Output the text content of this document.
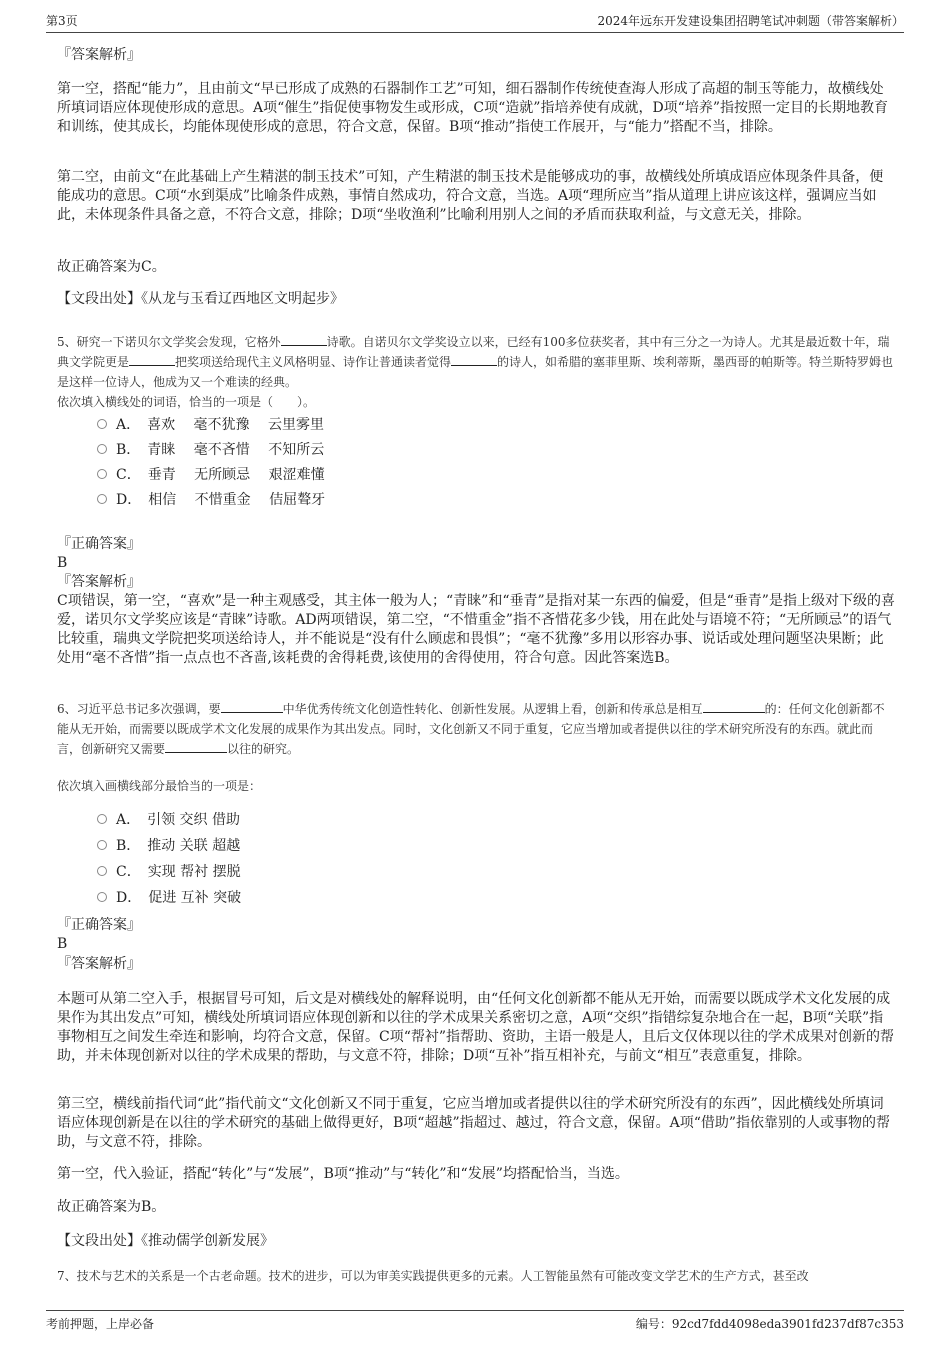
第3页	2024年远东开发建设集团招聘笔试冲刺题（带答案解析）

『答案解析』

第一空，搭配“能力”，且由前文“早已形成了成熟的石器制作工艺”可知，细石器制作传统使查海人形成了高超的制玉等能力，故横线处所填词语应体现使形成的意思。A项“催生”指促使事物发生或形成，C项“造就”指培养使有成就，D项“培养”指按照一定目的长期地教育和训练，使其成长，均能体现使形成的意思，符合文意，保留。B项“推动”指使工作展开，与“能力”搭配不当，排除。

第二空，由前文“在此基础上产生精湛的制玉技术”可知，产生精湛的制玉技术是能够成功的事，故横线处所填成语应体现条件具备，便能成功的意思。C项“水到渠成”比喻条件成熟，事情自然成功，符合文意，当选。A项“理所应当”指从道理上讲应该这样，强调应当如此，未体现条件具备之意，不符合文意，排除；D项“坐收渔利”比喻利用别人之间的矛盾而获取利益，与文意无关，排除。

故正确答案为C。

【文段出处】《从龙与玉看辽西地区文明起步》

5、研究一下诺贝尔文学奖会发现，它格外	诗歌。自诺贝尔文学奖设立以来，已经有100多位获奖者，其中有三分之一为诗人。尤其是最近数十年，瑞典文学院更是	把奖项送给现代主义风格明显、诗作让普通读者觉得	的诗人，如希腊的塞菲里斯、埃利蒂斯，墨西哥的帕斯等。特兰斯特罗姆也是这样一位诗人，他成为又一个难读的经典。

依次填入横线处的词语，恰当的一项是（　　）。

A．　喜欢　 毫不犹豫　 云里雾里
B．　青睐　 毫不吝惜　 不知所云
C．　垂青　 无所顾忌　 艰涩难懂
D．　相信　 不惜重金　 佶屈聱牙

『正确答案』

B

『答案解析』

C项错误，第一空，“喜欢”是一种主观感受，其主体一般为人；“青睐”和“垂青”是指对某一东西的偏爱，但是“垂青”是指上级对下级的喜爱，诺贝尔文学奖应该是“青睐”诗歌。AD两项错误，第二空，“不惜重金”指不吝惜花多少钱，用在此处与语境不符；“无所顾忌”的语气比较重，瑞典文学院把奖项送给诗人，并不能说是“没有什么顾虑和畏惧”；“毫不犹豫”多用以形容办事、说话或处理问题坚决果断；此处用“毫不吝惜”指一点点也不吝啬,该耗费的舍得耗费,该使用的舍得使用，符合句意。因此答案选B。

6、习近平总书记多次强调，要	中华优秀传统文化创造性转化、创新性发展。从逻辑上看，创新和传承总是相互	的：任何文化创新都不能从无开始，而需要以既成学术文化发展的成果作为其出发点。同时，文化创新又不同于重复，它应当增加或者提供以往的学术研究所没有的东西。就此而言，创新研究又需要	以往的研究。

依次填入画横线部分最恰当的一项是：

A．　引领 交织 借助
B．　推动 关联 超越
C．　实现 帮衬 摆脱
D．　促进 互补 突破

『正确答案』

B

『答案解析』

本题可从第二空入手，根据冒号可知，后文是对横线处的解释说明，由“任何文化创新都不能从无开始，而需要以既成学术文化发展的成果作为其出发点”可知，横线处所填词语应体现创新和以往的学术成果关系密切之意，A项“交织”指错综复杂地合在一起，B项“关联”指事物相互之间发生牵连和影响，均符合文意，保留。C项“帮衬”指帮助、资助，主语一般是人，且后文仅体现以往的学术成果对创新的帮助，并未体现创新对以往的学术成果的帮助，与文意不符，排除；D项“互补”指互相补充，与前文“相互”表意重复，排除。

第三空，横线前指代词“此”指代前文“文化创新又不同于重复，它应当增加或者提供以往的学术研究所没有的东西”，因此横线处所填词语应体现创新是在以往的学术研究的基础上做得更好，B项“超越”指超过、越过，符合文意，保留。A项“借助”指依靠别的人或事物的帮助，与文意不符，排除。

第一空，代入验证，搭配“转化”与“发展”，B项“推动”与“转化”和“发展”均搭配恰当，当选。

故正确答案为B。

【文段出处】《推动儒学创新发展》

7、技术与艺术的关系是一个古老命题。技术的进步，可以为审美实践提供更多的元素。人工智能虽然有可能改变文学艺术的生产方式，甚至改

考前押题，上岸必备	编号：92cd7fdd4098eda3901fd237df87c353
